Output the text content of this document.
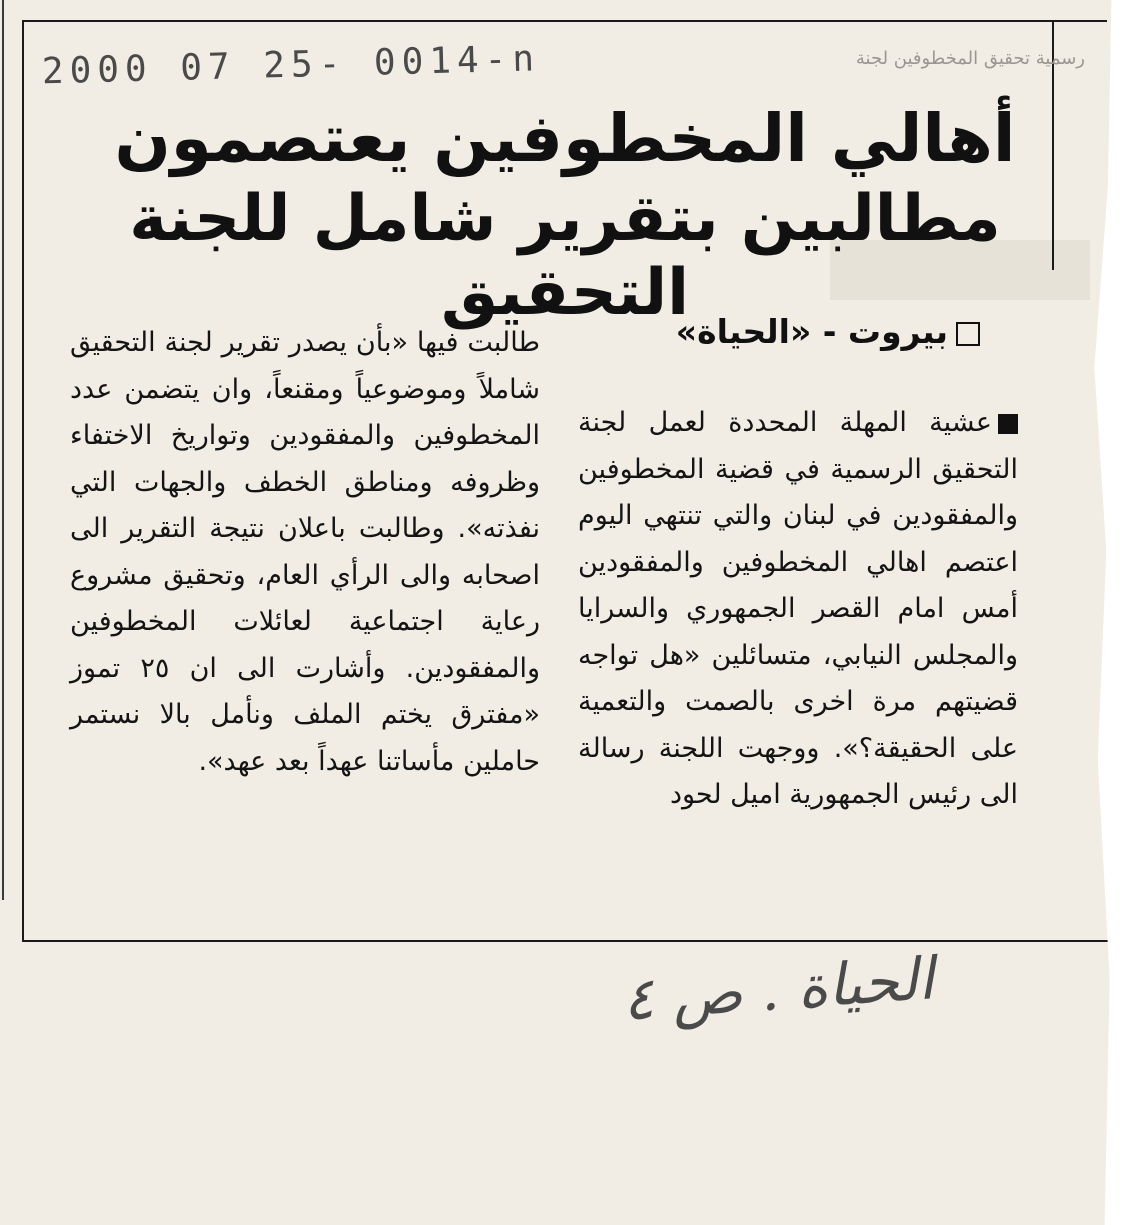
2000 07 25- 0014-n	رسمية تحقيق المخطوفين لجنة
أهالي المخطوفين يعتصمون
مطالبين بتقرير شامل للجنة التحقيق
بيروت - «الحياة»
عشية المهلة المحددة لعمل لجنة التحقيق الرسمية في قضية المخطوفين والمفقودين في لبنان والتي تنتهي اليوم اعتصم اهالي المخطوفين والمفقودين أمس امام القصر الجمهوري والسرايا والمجلس النيابي، متسائلين «هل تواجه قضيتهم مرة اخرى بالصمت والتعمية على الحقيقة؟». ووجهت اللجنة رسالة الى رئيس الجمهورية اميل لحود
طالبت فيها «بأن يصدر تقرير لجنة التحقيق شاملاً وموضوعياً ومقنعاً، وان يتضمن عدد المخطوفين والمفقودين وتواريخ الاختفاء وظروفه ومناطق الخطف والجهات التي نفذته». وطالبت باعلان نتيجة التقرير الى اصحابه والى الرأي العام، وتحقيق مشروع رعاية اجتماعية لعائلات المخطوفين والمفقودين. وأشارت الى ان ٢٥ تموز «مفترق يختم الملف ونأمل بالا نستمر حاملين مأساتنا عهداً بعد عهد».
الحياة . ص ٤
